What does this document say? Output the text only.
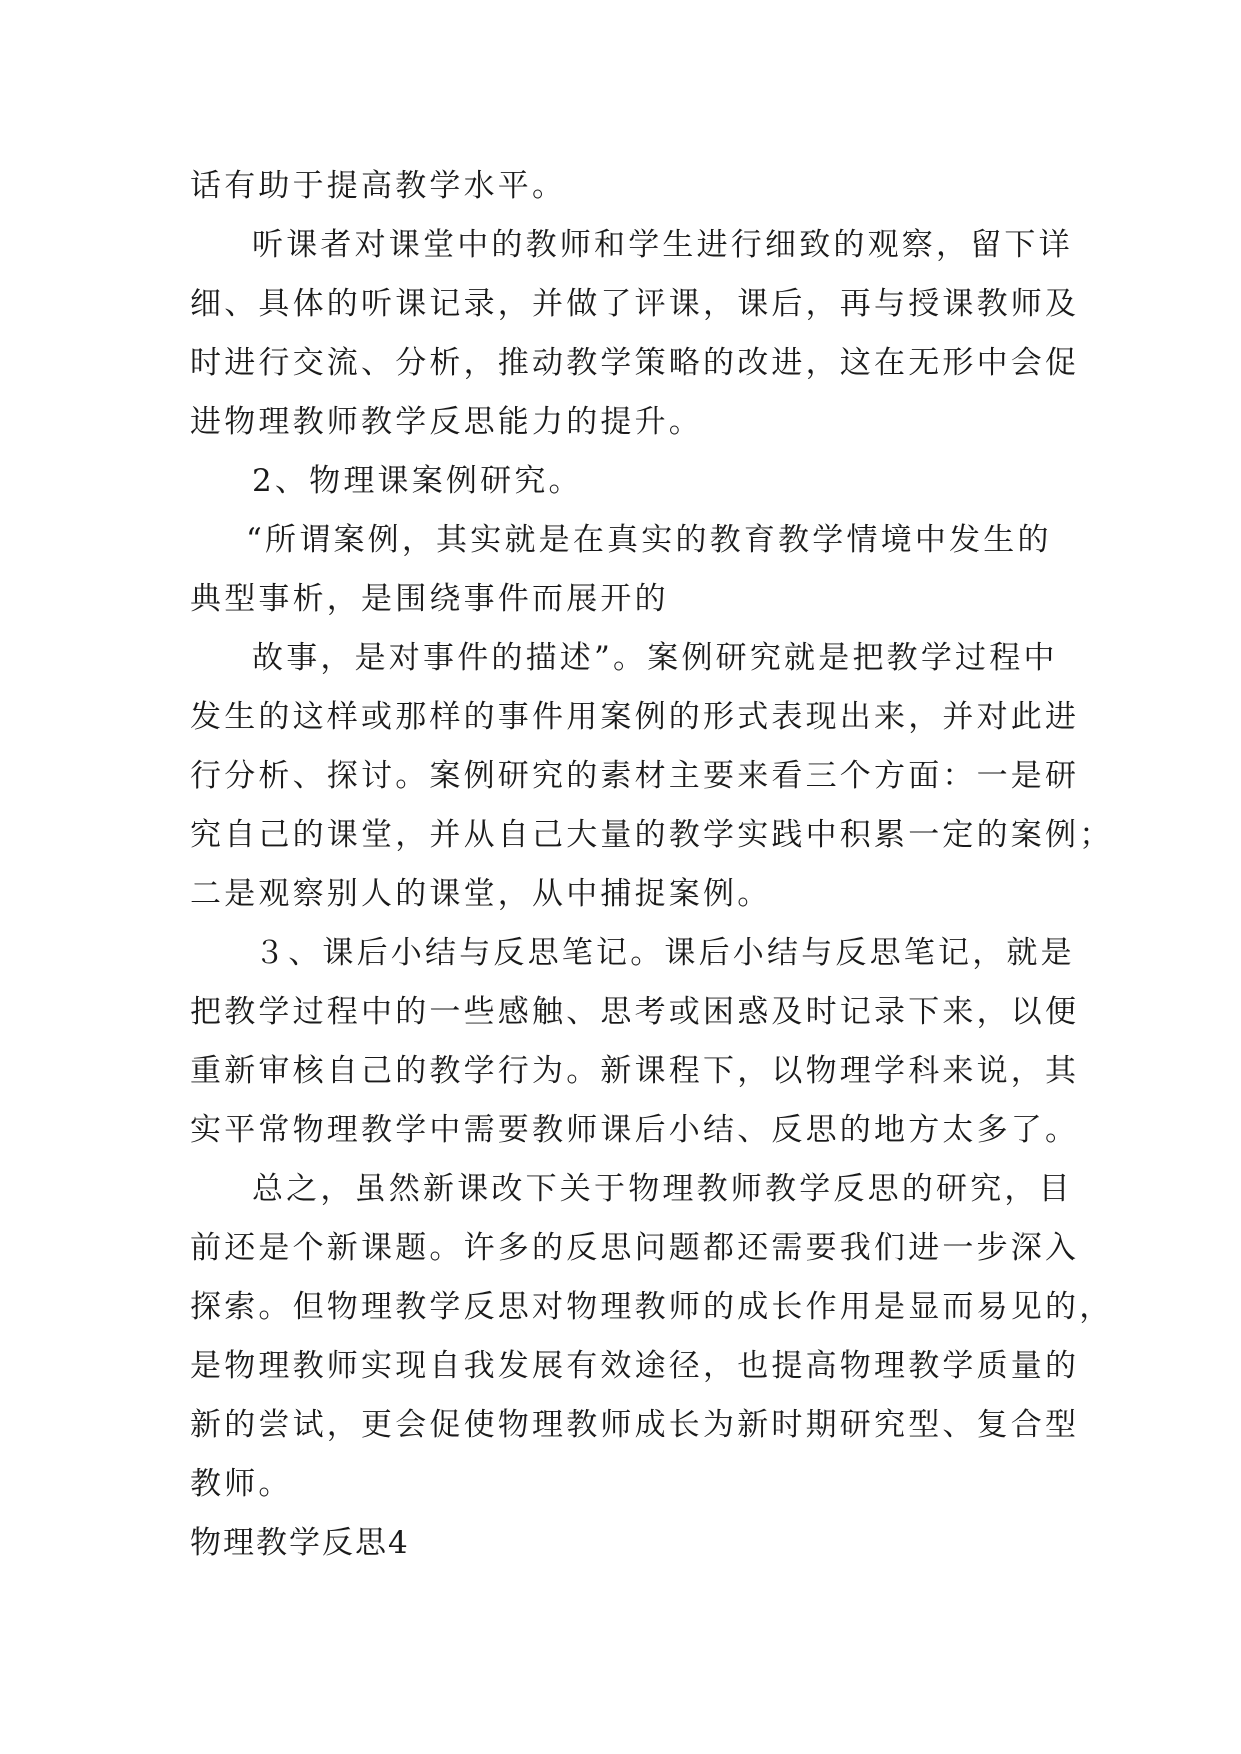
话有助于提高教学水平。
听课者对课堂中的教师和学生进行细致的观察，留下详
细、具体的听课记录，并做了评课，课后，再与授课教师及
时进行交流、分析，推动教学策略的改进，这在无形中会促
进物理教师教学反思能力的提升。
2、物理课案例研究。
“所谓案例，其实就是在真实的教育教学情境中发生的
典型事析，是围绕事件而展开的
故事，是对事件的描述”。案例研究就是把教学过程中
发生的这样或那样的事件用案例的形式表现出来，并对此进
行分析、探讨。案例研究的素材主要来看三个方面：一是研
究自己的课堂，并从自己大量的教学实践中积累一定的案例；
二是观察别人的课堂，从中捕捉案例。
３、课后小结与反思笔记。课后小结与反思笔记，就是
把教学过程中的一些感触、思考或困惑及时记录下来，以便
重新审核自己的教学行为。新课程下，以物理学科来说，其
实平常物理教学中需要教师课后小结、反思的地方太多了。
总之，虽然新课改下关于物理教师教学反思的研究，目
前还是个新课题。许多的反思问题都还需要我们进一步深入
探索。但物理教学反思对物理教师的成长作用是显而易见的，
是物理教师实现自我发展有效途径，也提高物理教学质量的
新的尝试，更会促使物理教师成长为新时期研究型、复合型
教师。
物理教学反思4
